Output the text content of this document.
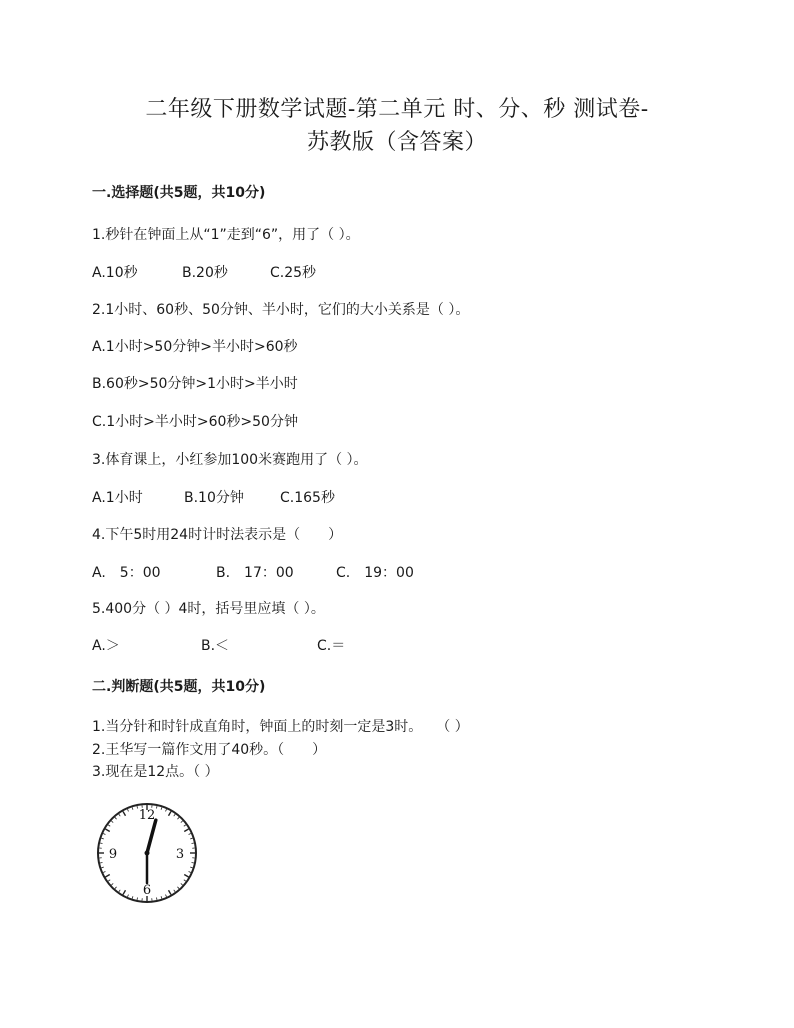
二年级下册数学试题-第二单元 时、分、秒 测试卷-
苏教版（含答案）
一.选择题(共5题，共10分)
1.秒针在钟面上从“1”走到“6”，用了（ ）。
A.10秒	B.20秒	C.25秒
2.1小时、60秒、50分钟、半小时，它们的大小关系是（ ）。
A.1小时>50分钟>半小时>60秒
B.60秒>50分钟>1小时>半小时
C.1小时>半小时>60秒>50分钟
3.体育课上，小红参加100米赛跑用了（ ）。
A.1小时	B.10分钟	C.165秒
4.下午5时用24时计时法表示是（　　）
A.　5：00	B.　17：00	C.　19：00
5.400分（ ）4时，括号里应填（ ）。
A.＞	B.＜	C.＝
二.判断题(共5题，共10分)
1.当分针和时针成直角时，钟面上的时刻一定是3时。　　（ ）
2.王华写一篇作文用了40秒。（　　）
3.现在是12点。（ ）
12
3
6
9
